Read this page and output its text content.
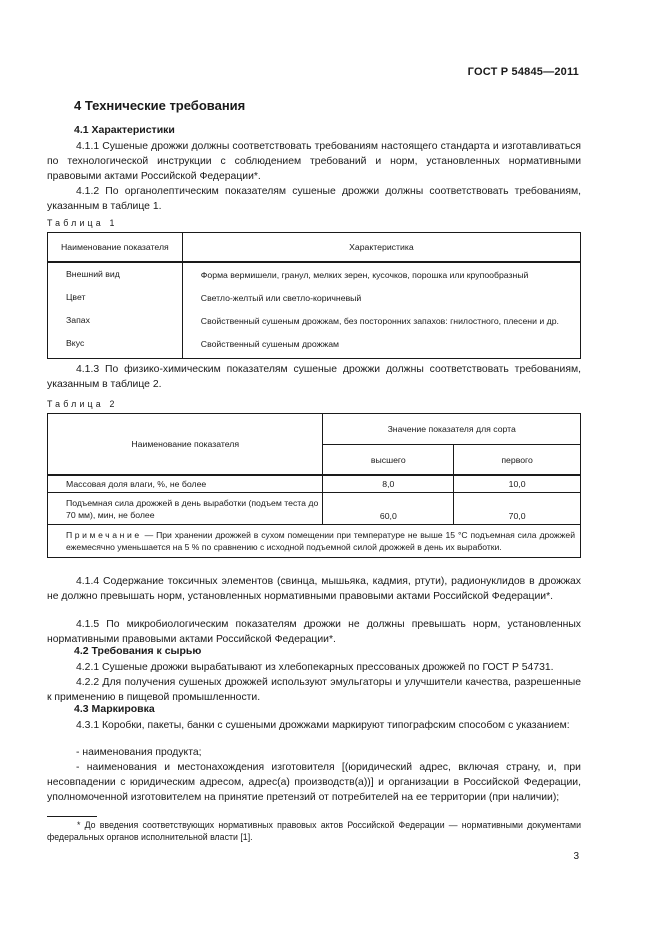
ГОСТ Р 54845—2011
4 Технические требования
4.1 Характеристики

4.1.1 Сушеные дрожжи должны соответствовать требованиям настоящего стандарта и изготавливаться по технологической инструкции с соблюдением требований и норм, установленных нормативными правовыми актами Российской Федерации*.

4.1.2 По органолептическим показателям сушеные дрожжи должны соответствовать требованиям, указанным в таблице 1.

Таблица 1
Наименование показателя	Характеристика
Внешний вид	Форма вермишели, гранул, мелких зерен, кусочков, порошка или крупообразный
Цвет	Светло-желтый или светло-коричневый
Запах	Свойственный сушеным дрожжам, без посторонних запахов: гнилостного, плесени и др.
Вкус	Свойственный сушеным дрожжам

4.1.3 По физико-химическим показателям сушеные дрожжи должны соответствовать требованиям, указанным в таблице 2.

Таблица 2
Наименование показателя	Значение показателя для сорта	
	высшего	первого
Массовая доля влаги, %, не более	8,0	10,0
Подъемная сила дрожжей в день выработки (подъем теста до 70 мм), мин, не более	60,0	70,0
Примечание — При хранении дрожжей в сухом помещении при температуре не выше 15 °С подъемная сила дрожжей ежемесячно уменьшается на 5 % по сравнению с исходной подъемной силой дрожжей в день их выработки.		

4.1.4 Содержание токсичных элементов (свинца, мышьяка, кадмия, ртути), радионуклидов в дрожжах не должно превышать норм, установленных нормативными правовыми актами Российской Федерации*.

4.1.5 По микробиологическим показателям дрожжи не должны превышать норм, установленных нормативными правовыми актами Российской Федерации*.

4.2 Требования к сырью

4.2.1 Сушеные дрожжи вырабатывают из хлебопекарных прессованых дрожжей по ГОСТ Р 54731.

4.2.2 Для получения сушеных дрожжей используют эмульгаторы и улучшители качества, разрешенные к применению в пищевой промышленности.

4.3 Маркировка

4.3.1 Коробки, пакеты, банки с сушеными дрожжами маркируют типографским способом с указанием:

- наименования продукта;

- наименования и местонахождения изготовителя [(юридический адрес, включая страну, и, при несовпадении с юридическим адресом, адрес(а) производств(а))] и организации в Российской Федерации, уполномоченной изготовителем на принятие претензий от потребителей на ее территории (при наличии);

* До введения соответствующих нормативных правовых актов Российской Федерации — нормативными документами федеральных органов исполнительной власти [1].

3
